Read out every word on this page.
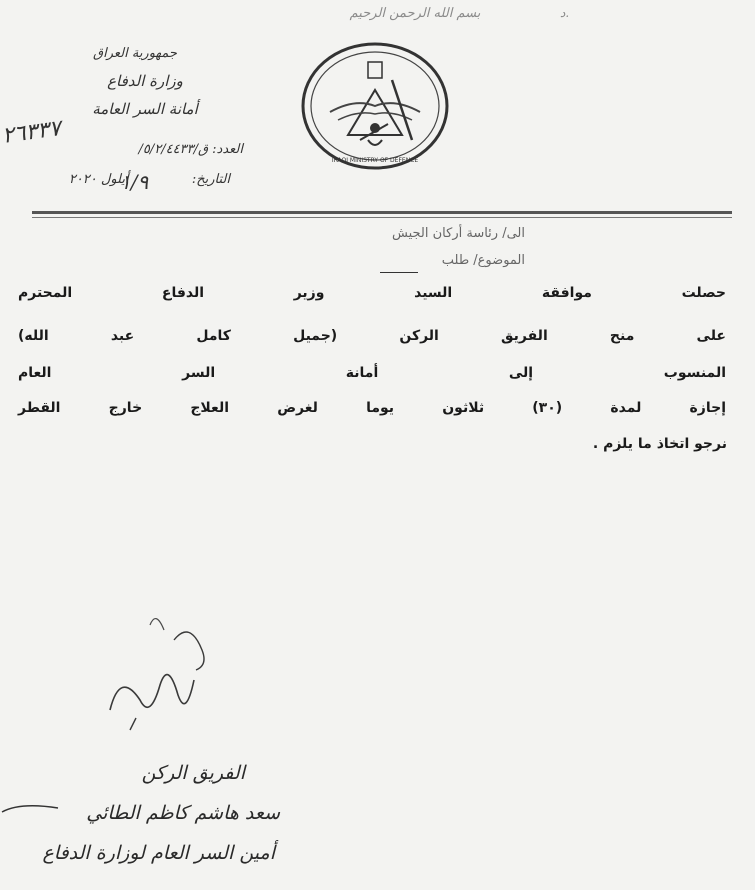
بسم الله الرحمن الرحيم	د.
جمهورية العراق
وزارة الدفاع
أمانة السر العامة
العدد: ق/٥/٢/٤٤٣٣/
٢٦٣٣٧
التاريخ:  أيلول ٢٠٢٠
١/٩
IRAQI MINISTRY OF DEFENCE
الى/ رئاسة أركان الجيش
الموضوع/ طلب
حصلت موافقة السيد وزير الدفاع المحترم
على منح الفريق الركن (جميل كامل عبد الله)
المنسوب إلى أمانة السر العام
إجازة لمدة (٣٠) ثلاثون يوما لغرض العلاج خارج القطر
نرجو اتخاذ ما يلزم .
الفريق الركن
سعد هاشم كاظم الطائي
أمين السر العام لوزارة الدفاع
